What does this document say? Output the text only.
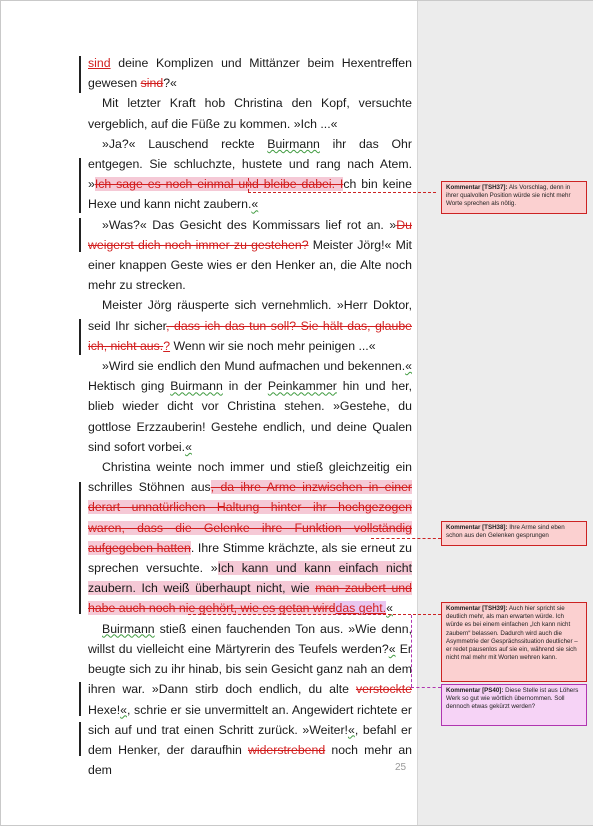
sind deine Komplizen und Mittänzer beim Hexentreffen gewesen sind?«

Mit letzter Kraft hob Christina den Kopf, versuchte vergeblich, auf die Füße zu kommen. »Ich ...«

»Ja?« Lauschend reckte Buirmann ihr das Ohr entgegen. Sie schluchzte, hustete und rang nach Atem. »Ich sage es noch einmal und bleibe dabei. Ich bin keine Hexe und kann nicht zaubern.«

»Was?« Das Gesicht des Kommissars lief rot an. »Du weigerst dich noch immer zu gestehen? Meister Jörg!« Mit einer knappen Geste wies er den Henker an, die Alte noch mehr zu strecken.

Meister Jörg räusperte sich vernehmlich. »Herr Doktor, seid Ihr sicher, dass ich das tun soll? Sie hält das, glaube ich, nicht aus.? Wenn wir sie noch mehr peinigen ...«

»Wird sie endlich den Mund aufmachen und bekennen.« Hektisch ging Buirmann in der Peinkammer hin und her, blieb wieder dicht vor Christina stehen. »Gestehe, du gottlose Erzzauberin! Gestehe endlich, und deine Qualen sind sofort vorbei.«

Christina weinte noch immer und stieß gleichzeitig ein schrilles Stöhnen aus, da ihre Arme inzwischen in einer derart unnatürlichen Haltung hinter ihr hochgezogen waren, dass die Gelenke ihre Funktion vollständig aufgegeben hatten. Ihre Stimme krächzte, als sie erneut zu sprechen versuchte. »Ich kann und kann einfach nicht zaubern. Ich weiß überhaupt nicht, wie man zaubert und habe auch noch nie gehört, wie es getan wirddas geht.«

Buirmann stieß einen fauchenden Ton aus. »Wie denn, willst du vielleicht eine Märtyrerin des Teufels werden?« Er beugte sich zu ihr hinab, bis sein Gesicht ganz nah an dem ihren war. »Dann stirb doch endlich, du alte verstockte Hexe!«, schrie er sie unvermittelt an. Angewidert richtete er sich auf und trat einen Schritt zurück. »Weiter!«, befahl er dem Henker, der daraufhin widerstrebend noch mehr an dem

Kommentar [TSH37]: Als Vorschlag, denn in ihrer qualvollen Position würde sie nicht mehr Worte sprechen als nötig.
Kommentar [TSH38]: Ihre Arme sind eben schon aus den Gelenken gesprungen
Kommentar [TSH39]: Auch hier spricht sie deutlich mehr, als man erwarten würde. Ich würde es bei einem einfachen „Ich kann nicht zaubern“ belassen. Dadurch wird auch die Asymmetrie der Gesprächssituation deutlicher – er redet pausenlos auf sie ein, während sie sich nicht mal mehr mit Worten wehren kann.
Kommentar [PS40]: Diese Stelle ist aus Löhers Werk so gut wie wörtlich übernommen. Soll dennoch etwas gekürzt werden?
25
